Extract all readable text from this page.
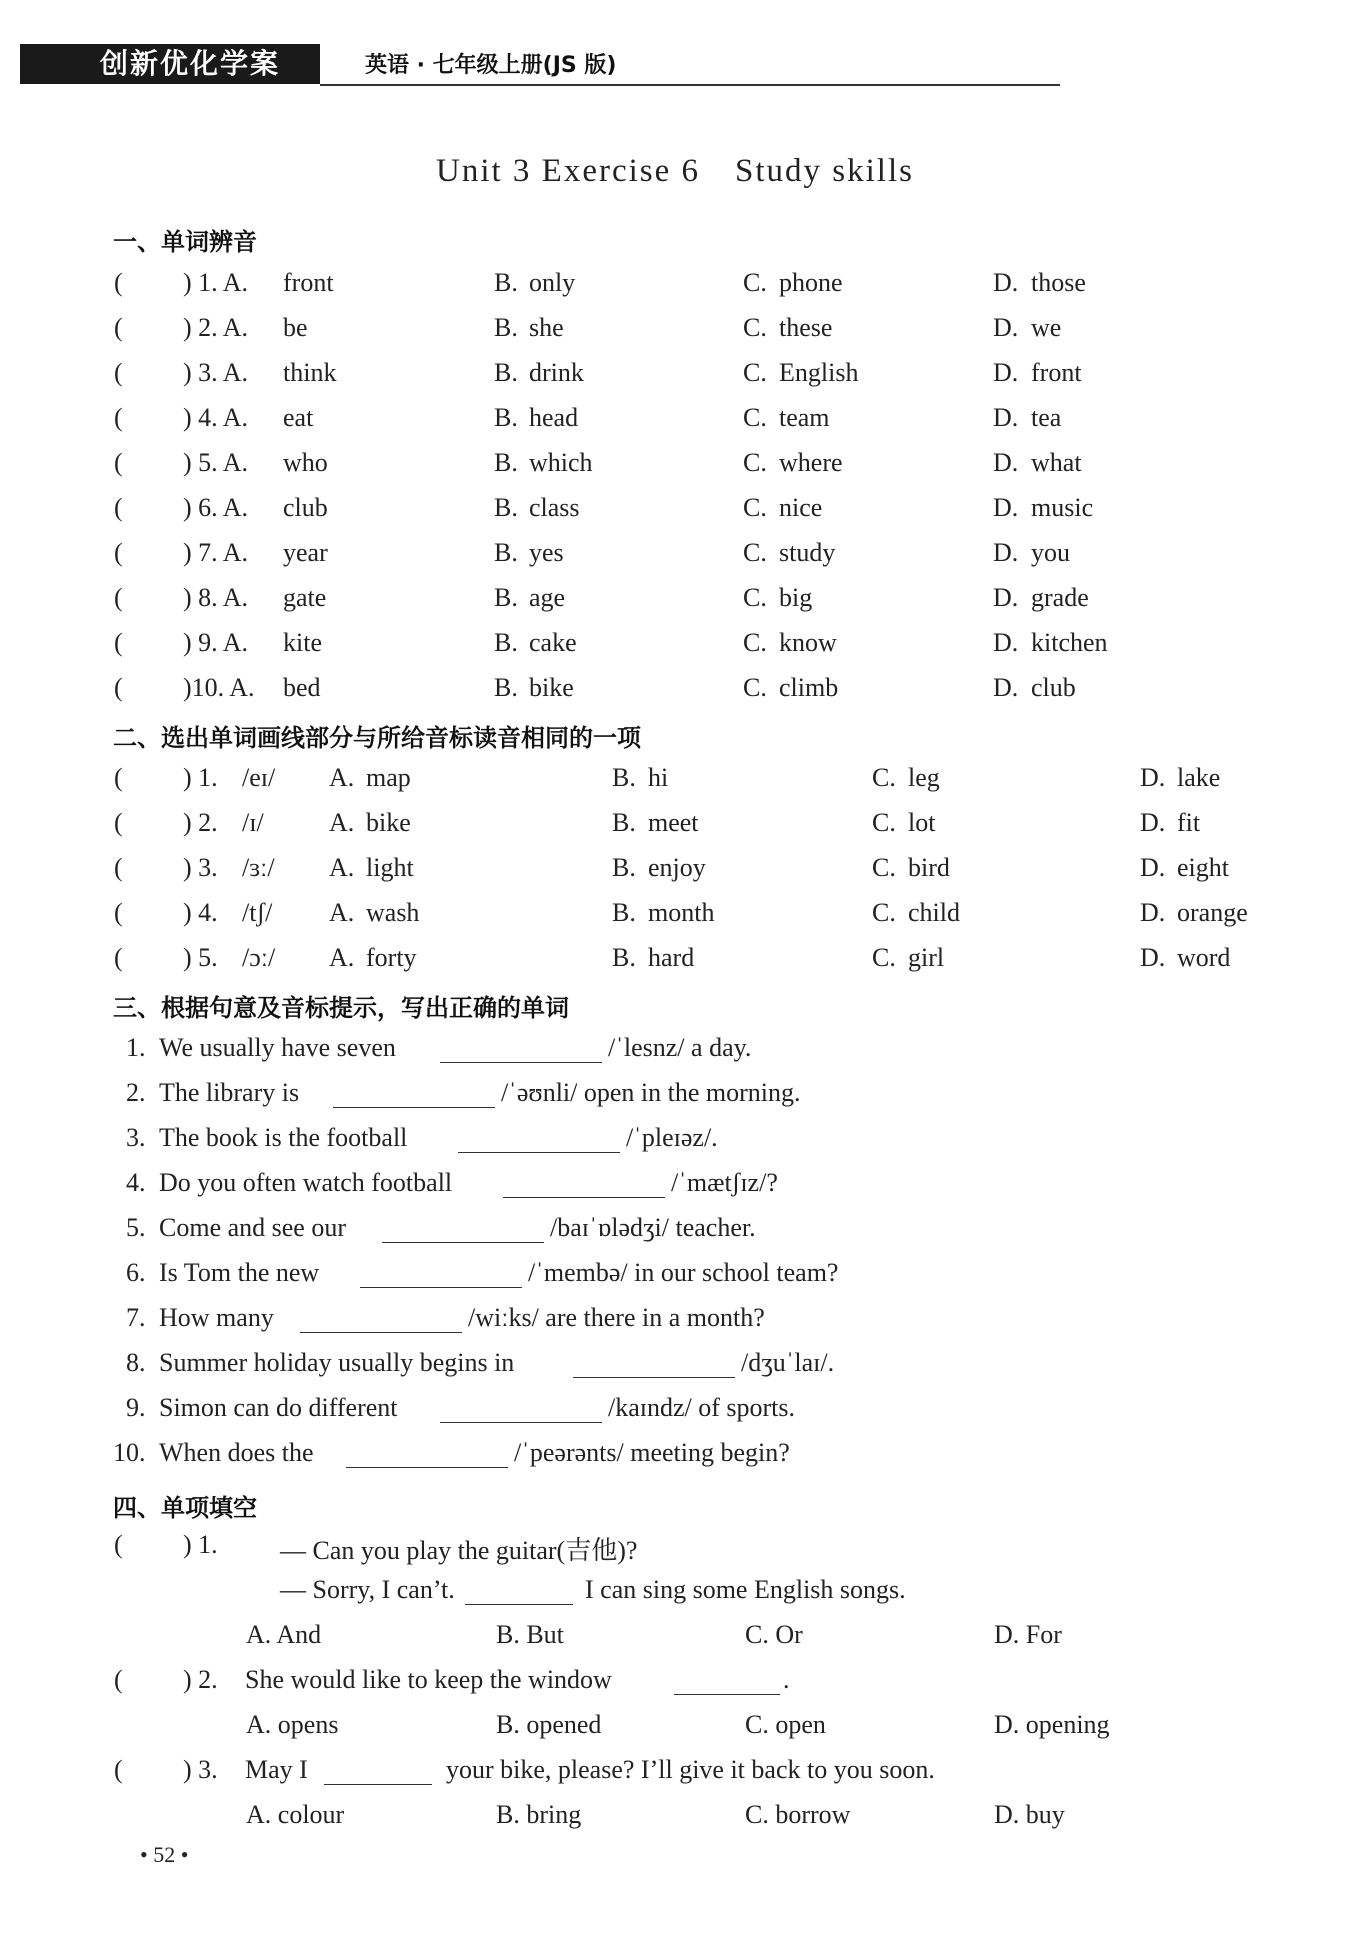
创新优化学案	英语 · 七年级上册(JS 版)
Unit 3 Exercise 6　Study skills
一、单词辨音
( ) 1. A. front	B. only	C. phone	D. those
( ) 2. A. be	B. she	C. these	D. we
( ) 3. A. think	B. drink	C. English	D. front
( ) 4. A. eat	B. head	C. team	D. tea
( ) 5. A. who	B. which	C. where	D. what
( ) 6. A. club	B. class	C. nice	D. music
( ) 7. A. year	B. yes	C. study	D. you
( ) 8. A. gate	B. age	C. big	D. grade
( ) 9. A. kite	B. cake	C. know	D. kitchen
( )10. A. bed	B. bike	C. climb	D. club
二、选出单词画线部分与所给音标读音相同的一项
( ) 1. /eɪ/ A. map	B. hi	C. leg	D. lake
( ) 2. /ɪ/	A. bike	B. meet	C. lot	D. fit
( ) 3. /ɜː/ A. light	B. enjoy	C. bird	D. eight
( ) 4. /tʃ/ A. wash	B. month	C. child	D. orange
( ) 5. /ɔː/ A. forty	B. hard	C. girl	D. word
三、根据句意及音标提示，写出正确的单词
1. We usually have seven	/ˈlesnz/ a day.
2. The library is	/ˈəʊnli/ open in the morning.
3. The book is the football	/ˈpleɪəz/.
4. Do you often watch football	/ˈmætʃɪz/?
5. Come and see our	/baɪˈɒlədʒi/ teacher.
6. Is Tom the new	/ˈmembə/ in our school team?
7. How many	/wiːks/ are there in a month?
8. Summer holiday usually begins in	/dʒuˈlaɪ/.
9. Simon can do different	/kaɪndz/ of sports.
10. When does the	/ˈpeərənts/ meeting begin?
四、单项填空
( ) 1. — Can you play the guitar(吉他)?
— Sorry, I can’t.	I can sing some English songs.
A. And	B. But	C. Or	D. For
( ) 2. She would like to keep the window	.
A. opens	B. opened	C. open	D. opening
( ) 3. May I	your bike, please? I’ll give it back to you soon.
A. colour	B. bring	C. borrow	D. buy
• 52 •
